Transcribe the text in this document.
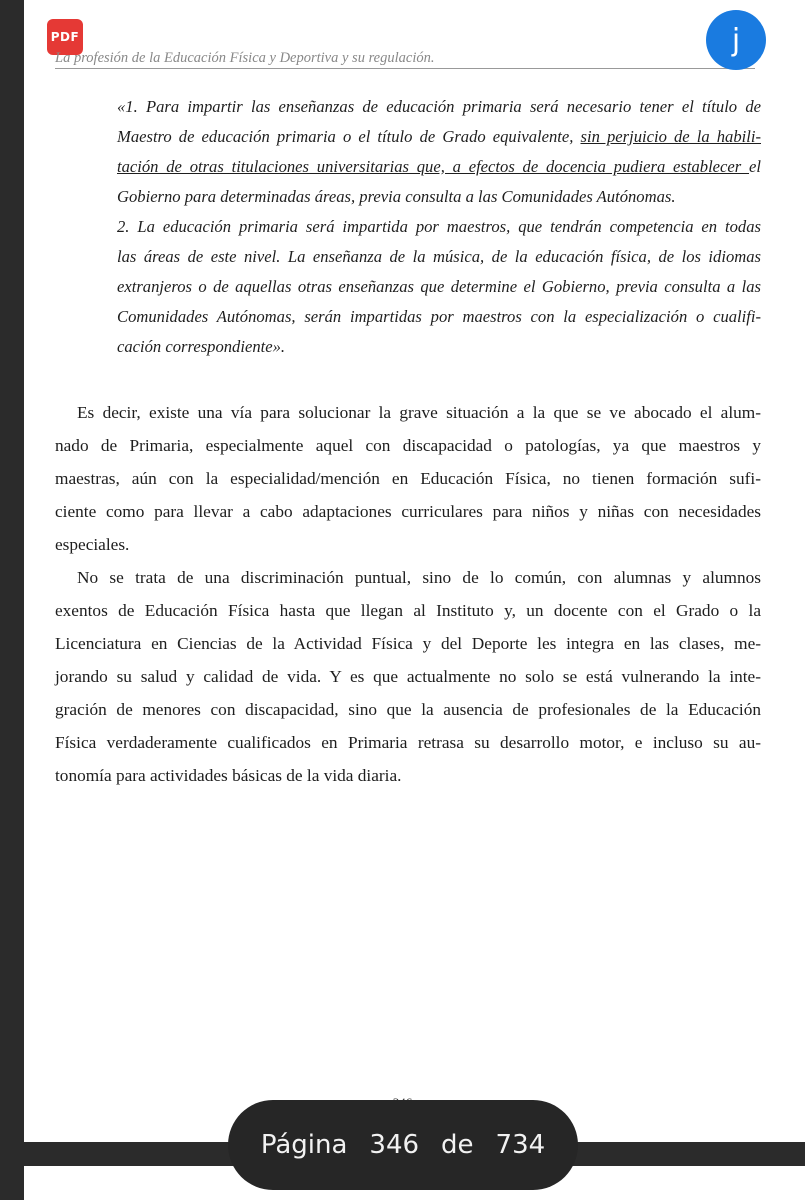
PDF
La profesión de la Educación Física y Deportiva y su regulación.
j
«1. Para impartir las enseñanzas de educación primaria será necesario tener el título de
Maestro de educación primaria o el título de Grado equivalente, sin perjuicio de la habili-
tación de otras titulaciones universitarias que, a efectos de docencia pudiera establecer el
Gobierno para determinadas áreas, previa consulta a las Comunidades Autónomas.
2. La educación primaria será impartida por maestros, que tendrán competencia en todas
las áreas de este nivel. La enseñanza de la música, de la educación física, de los idiomas
extranjeros o de aquellas otras enseñanzas que determine el Gobierno, previa consulta a las
Comunidades Autónomas, serán impartidas por maestros con la especialización o cualifi-
cación correspondiente».
Es decir, existe una vía para solucionar la grave situación a la que se ve abocado el alum-
nado de Primaria, especialmente aquel con discapacidad o patologías, ya que maestros y
maestras, aún con la especialidad/mención en Educación Física, no tienen formación sufi-
ciente como para llevar a cabo adaptaciones curriculares para niños y niñas con necesidades
especiales.
No se trata de una discriminación puntual, sino de lo común, con alumnas y alumnos
exentos de Educación Física hasta que llegan al Instituto y, un docente con el Grado o la
Licenciatura en Ciencias de la Actividad Física y del Deporte les integra en las clases, me-
jorando su salud y calidad de vida. Y es que actualmente no solo se está vulnerando la inte-
gración de menores con discapacidad, sino que la ausencia de profesionales de la Educación
Física verdaderamente cualificados en Primaria retrasa su desarrollo motor, e incluso su au-
tonomía para actividades básicas de la vida diaria.
Página 346 de 734
